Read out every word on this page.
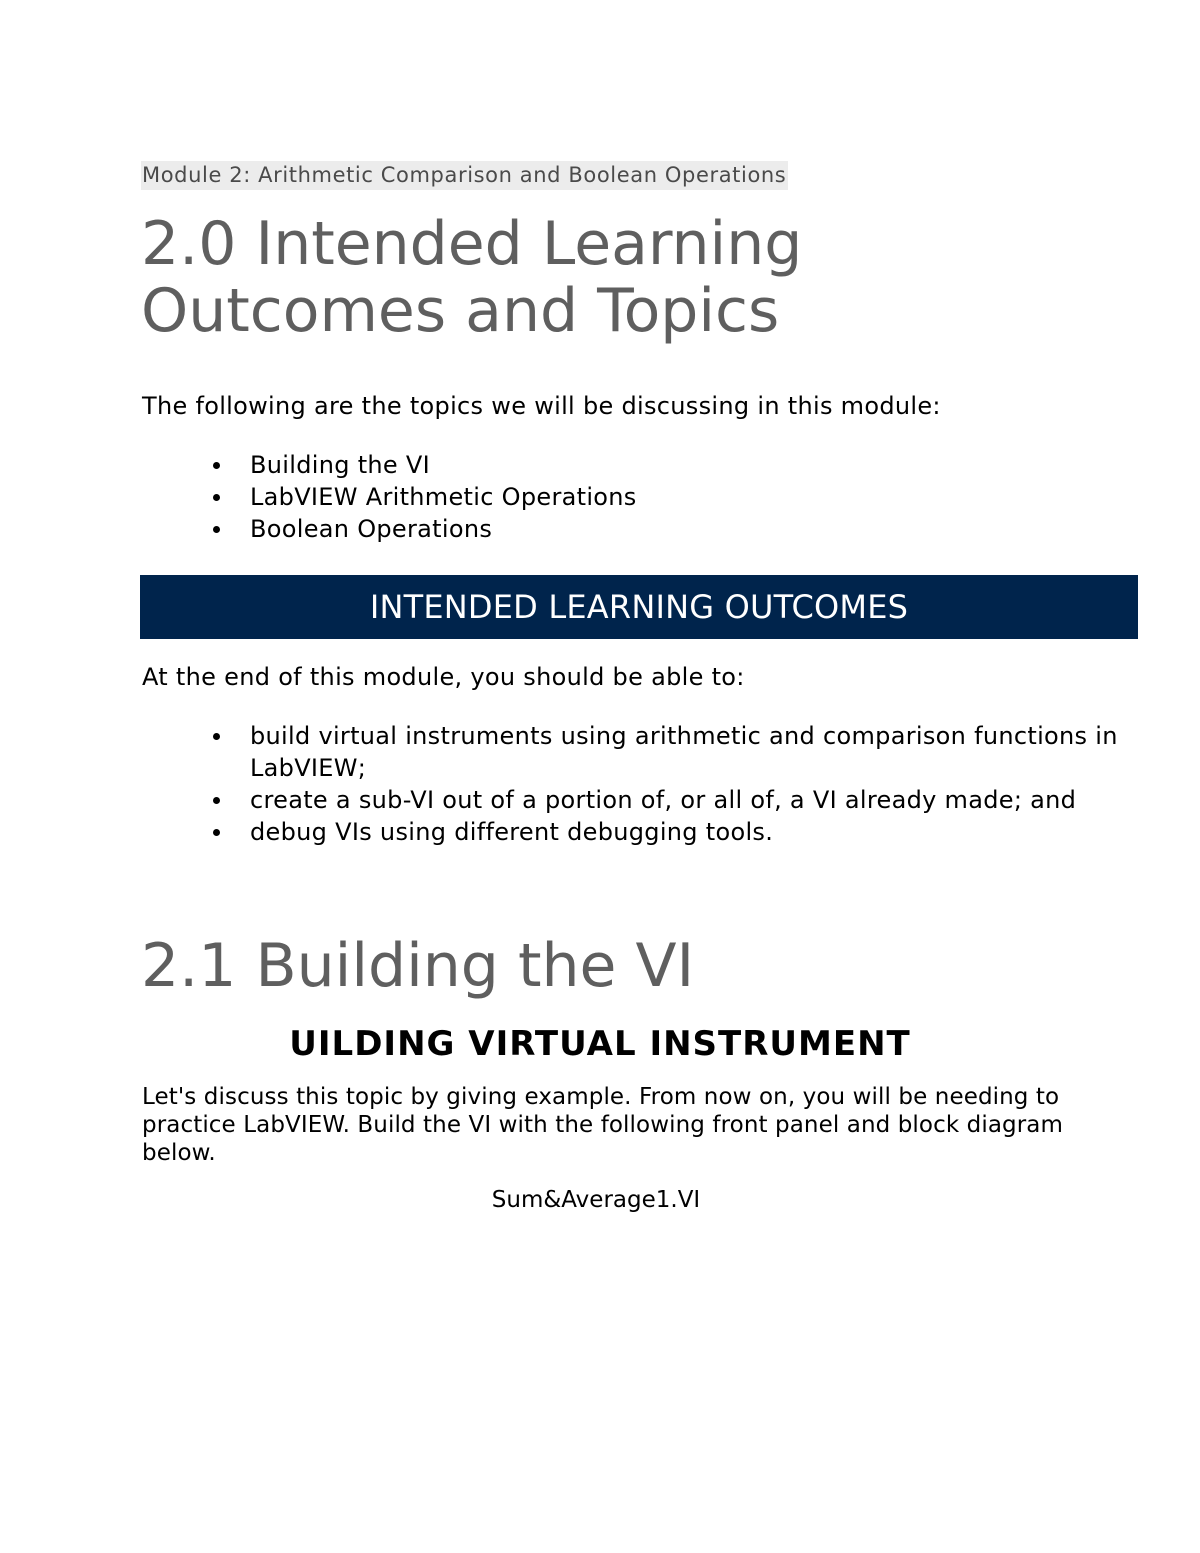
Module 2: Arithmetic Comparison and Boolean Operations
2.0 Intended Learning
Outcomes and Topics

The following are the topics we will be discussing in this module:

Building the VI
LabVIEW Arithmetic Operations
Boolean Operations
INTENDED LEARNING OUTCOMES

At the end of this module, you should be able to:

build virtual instruments using arithmetic and comparison functions in LabVIEW;
create a sub-VI out of a portion of, or all of, a VI already made; and
debug VIs using different debugging tools.
2.1 Building the VI
UILDING VIRTUAL INSTRUMENT

Let's discuss this topic by giving example. From now on, you will be needing to practice LabVIEW. Build the VI with the following front panel and block diagram below.

Sum&Average1.VI
